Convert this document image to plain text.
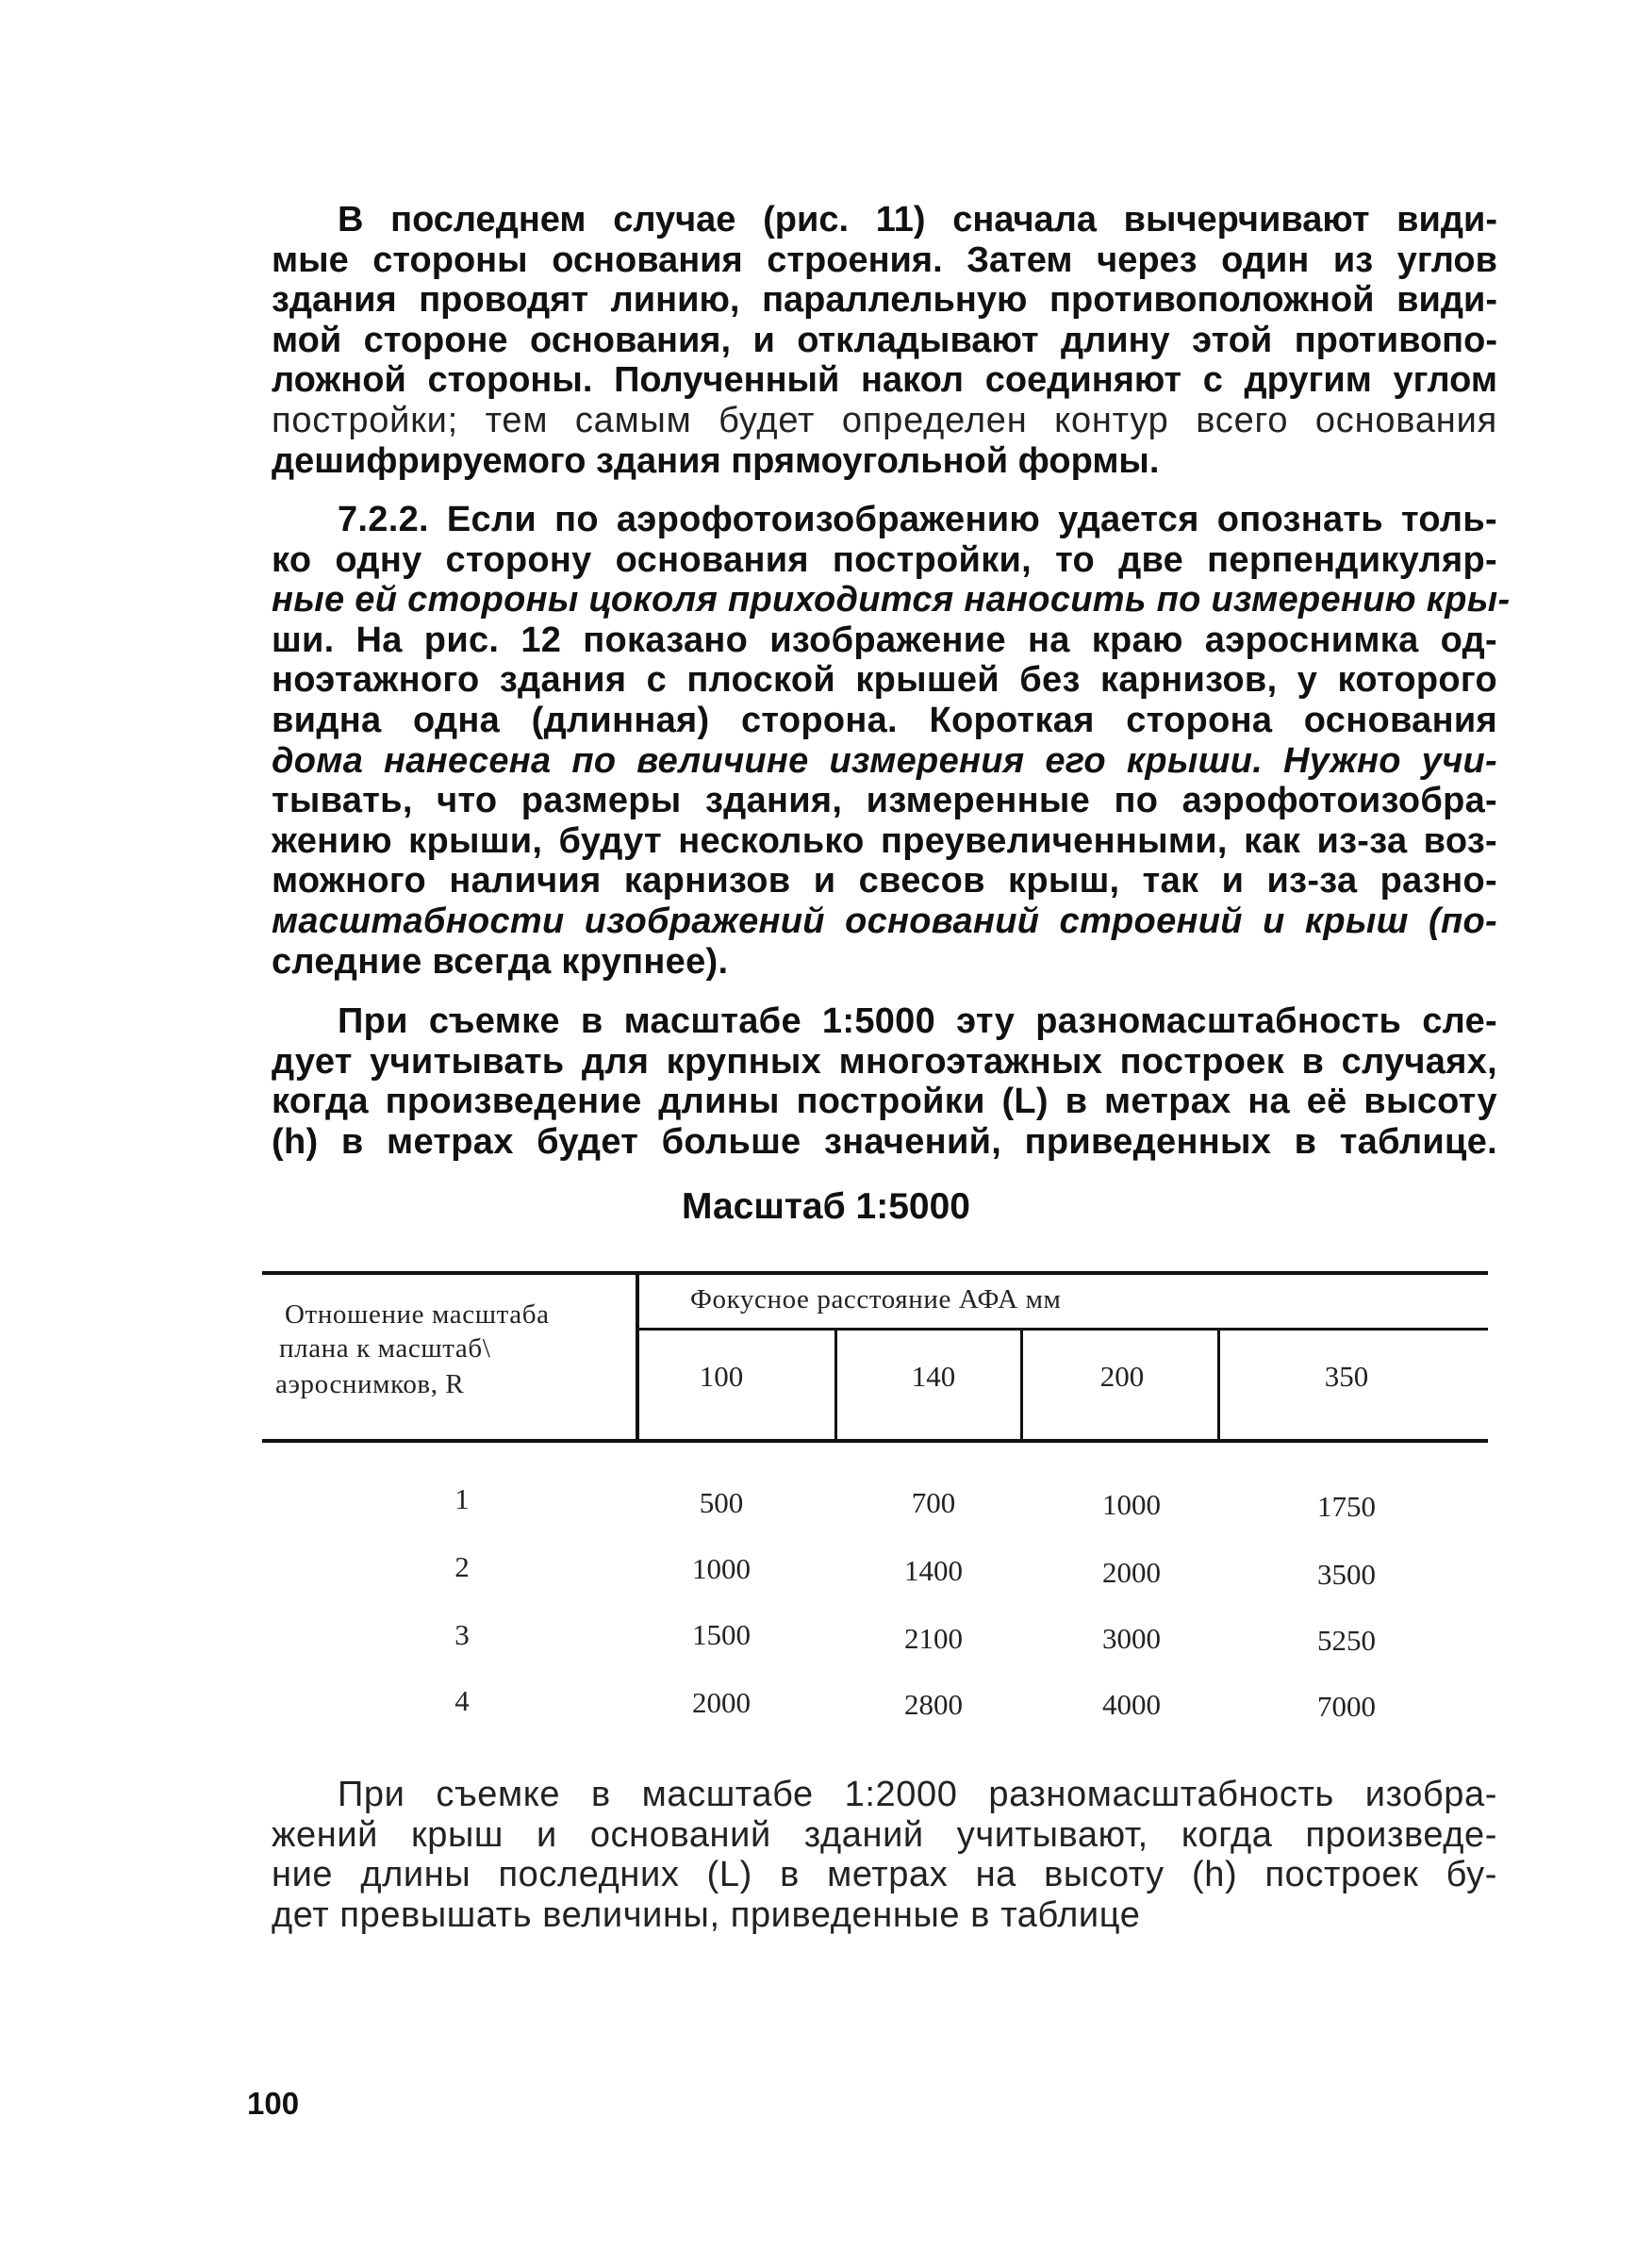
В последнем случае (рис. 11) сначала вычерчивают види-
мые стороны основания строения. Затем через один из углов
здания проводят линию, параллельную противоположной види-
мой стороне основания, и откладывают длину этой противопо-
ложной стороны. Полученный накол соединяют с другим углом
постройки; тем самым будет определен контур всего основания
дешифрируемого здания прямоугольной формы.
7.2.2. Если по аэрофотоизображению удается опознать толь-
ко одну сторону основания постройки, то две перпендикуляр-
ные ей стороны цоколя приходится наносить по измерению кры-
ши. На рис. 12 показано изображение на краю аэроснимка од-
ноэтажного здания с плоской крышей без карнизов, у которого
видна одна (длинная) сторона. Короткая сторона основания
дома нанесена по величине измерения его крыши. Нужно учи-
тывать, что размеры здания, измеренные по аэрофотоизобра-
жению крыши, будут несколько преувеличенными, как из-за воз-
можного наличия карнизов и свесов крыш, так и из-за разно-
масштабности изображений оснований строений и крыш (по-
следние всегда крупнее).
При съемке в масштабе 1:5000 эту разномасштабность сле-
дует учитывать для крупных многоэтажных построек в случаях,
когда произведение длины постройки (L) в метрах на её высоту
(h) в метрах будет больше значений, приведенных в таблице.
Масштаб 1:5000
Отношение масштаба
плана к масштаб\
аэроснимков, R
Фокусное расстояние АФА мм
100	140	200	350
1	500	700	1000	1750
2	1000	1400	2000	3500
3	1500	2100	3000	5250
4	2000	2800	4000	7000
При съемке в масштабе 1:2000 разномасштабность изобра-
жений крыш и оснований зданий учитывают, когда произведе-
ние длины последних (L) в метрах на высоту (h) построек бу-
дет превышать величины, приведенные в таблице
100
